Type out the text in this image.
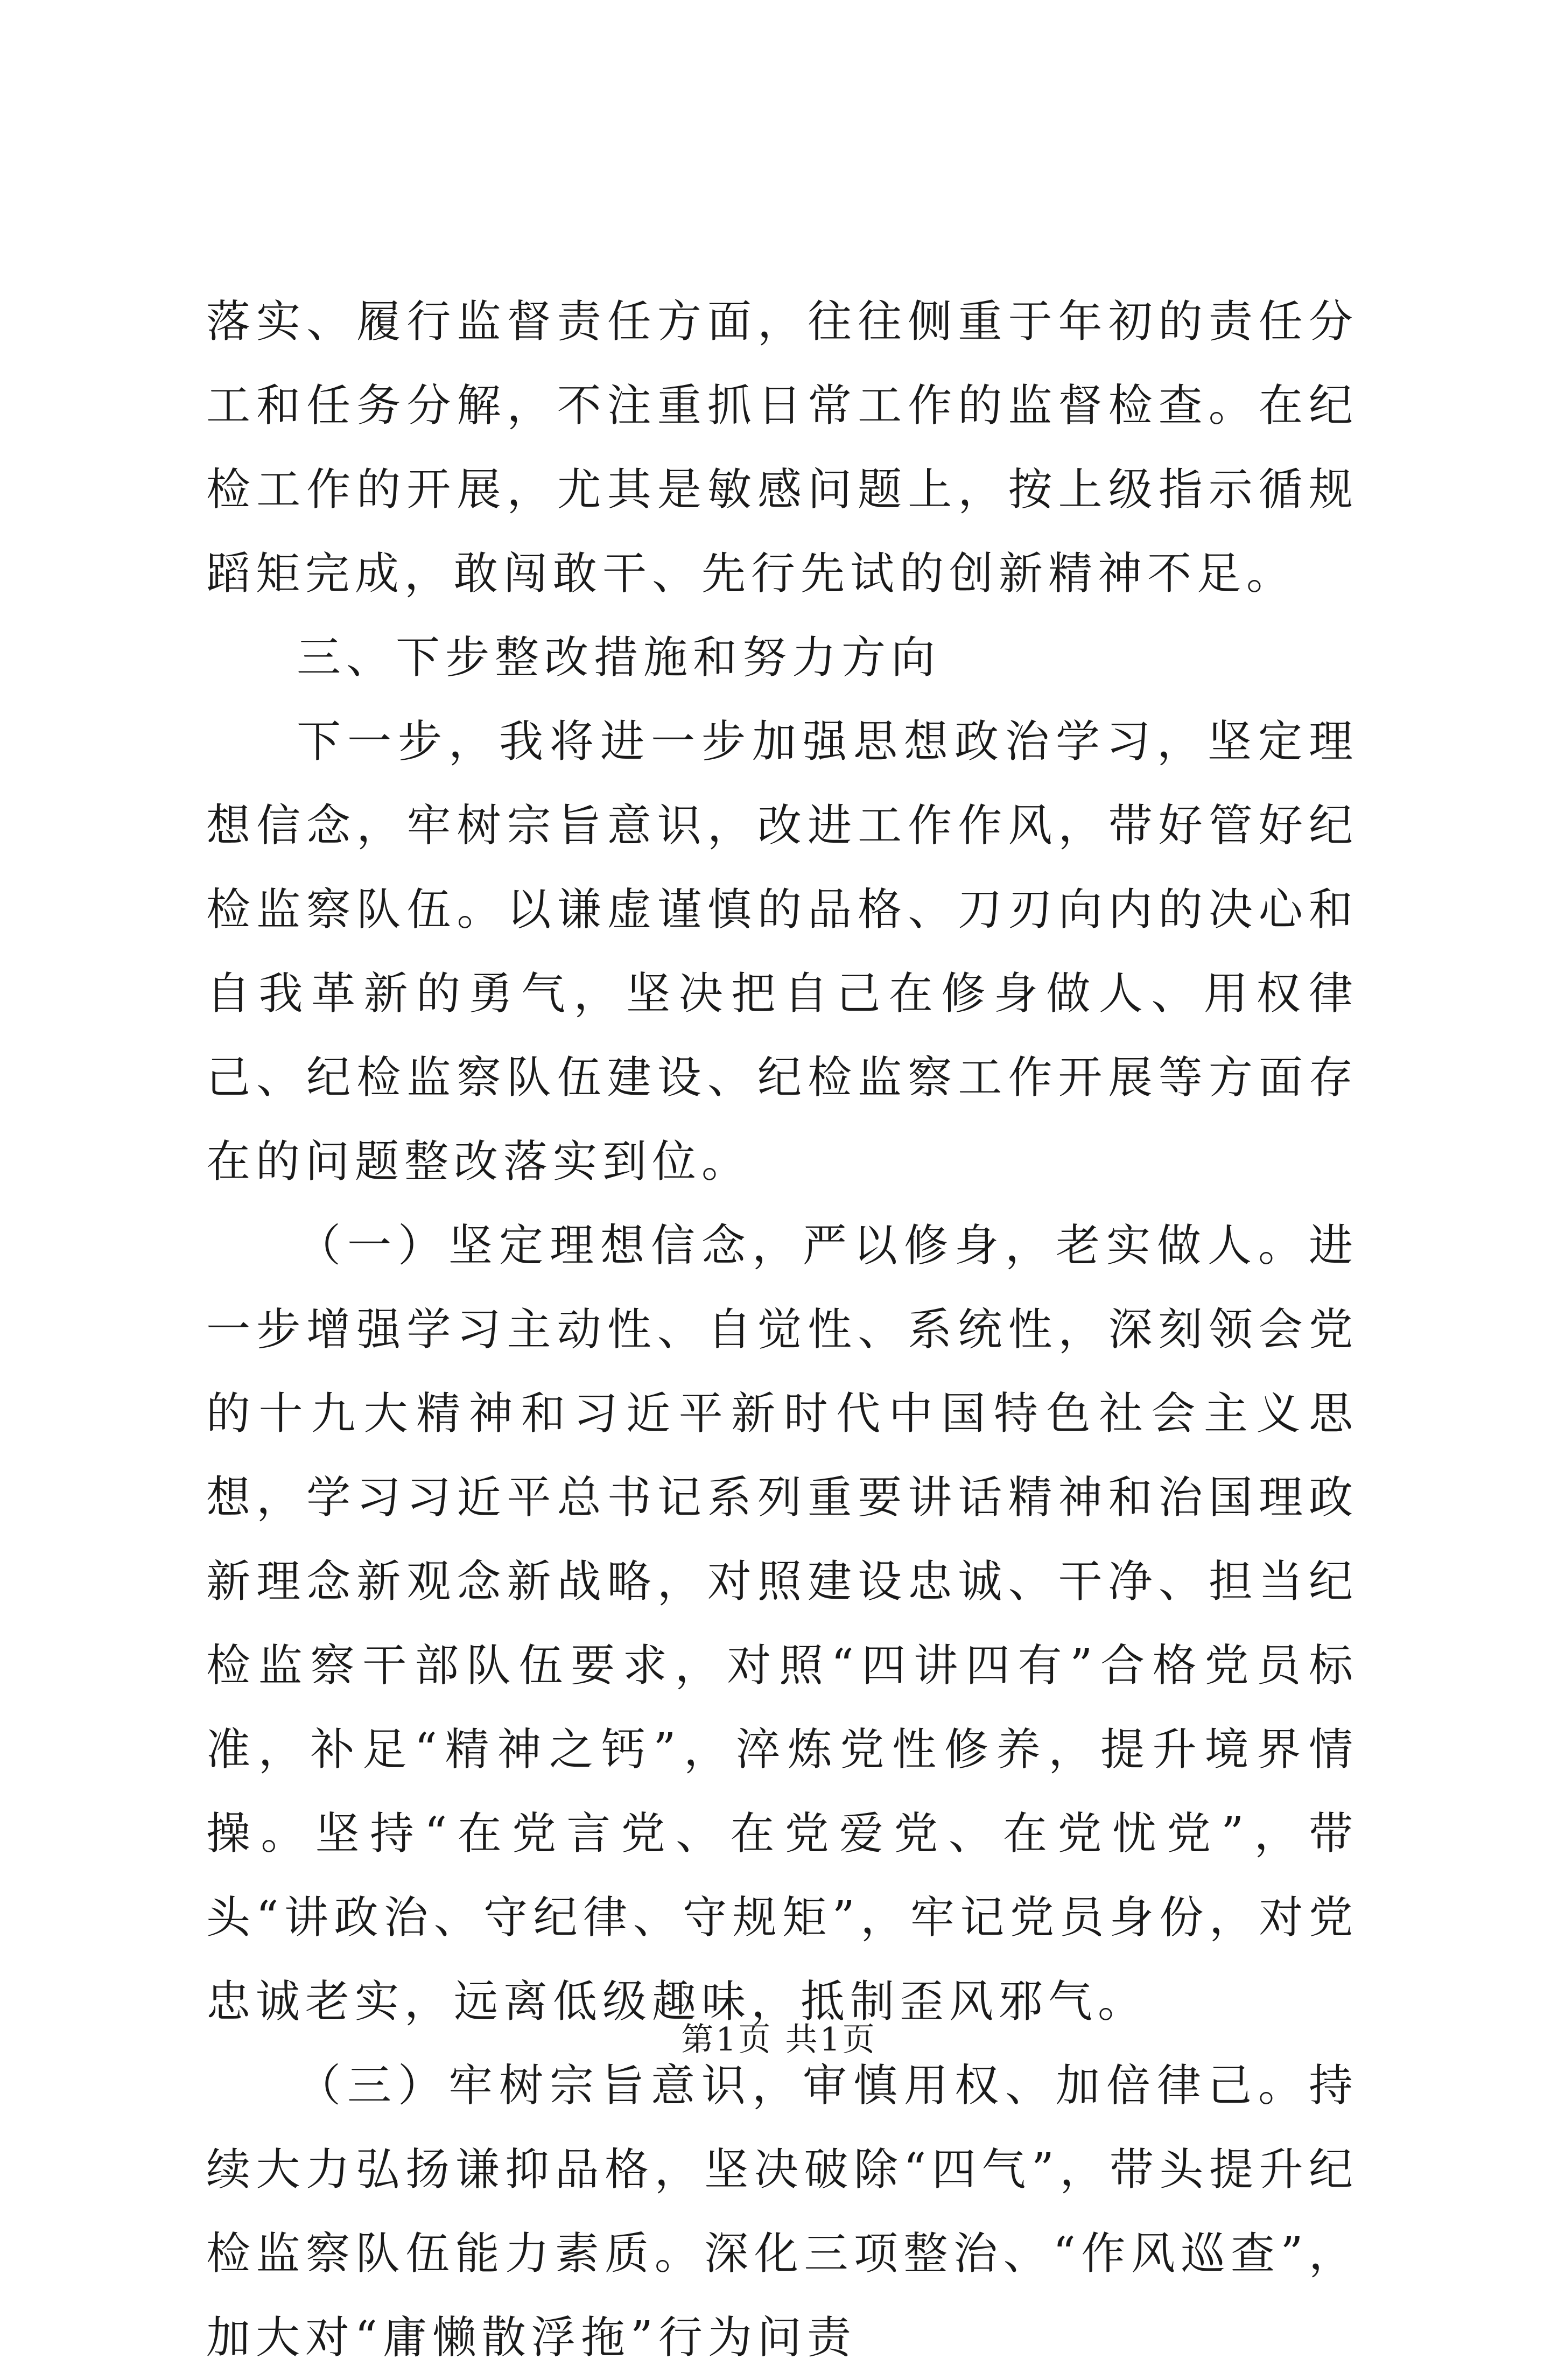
落实、履行监督责任方面，往往侧重于年初的责任分工和任务分解，不注重抓日常工作的监督检查。在纪检工作的开展，尤其是敏感问题上，按上级指示循规蹈矩完成，敢闯敢干、先行先试的创新精神不足。

三、下步整改措施和努力方向

下一步，我将进一步加强思想政治学习，坚定理想信念，牢树宗旨意识，改进工作作风，带好管好纪检监察队伍。以谦虚谨慎的品格、刀刃向内的决心和自我革新的勇气，坚决把自己在修身做人、用权律己、纪检监察队伍建设、纪检监察工作开展等方面存在的问题整改落实到位。

（一）坚定理想信念，严以修身，老实做人。进一步增强学习主动性、自觉性、系统性，深刻领会党的十九大精神和习近平新时代中国特色社会主义思想，学习习近平总书记系列重要讲话精神和治国理政新理念新观念新战略，对照建设忠诚、干净、担当纪检监察干部队伍要求，对照“四讲四有”合格党员标准，补足“精神之钙”，淬炼党性修养，提升境界情操。坚持“在党言党、在党爱党、在党忧党”，带头“讲政治、守纪律、守规矩”，牢记党员身份，对党忠诚老实，远离低级趣味，抵制歪风邪气。

（三）牢树宗旨意识，审慎用权、加倍律己。持续大力弘扬谦抑品格，坚决破除“四气”，带头提升纪检监察队伍能力素质。深化三项整治、“作风巡查”，加大对“庸懒散浮拖”行为问责

第1页 共1页
